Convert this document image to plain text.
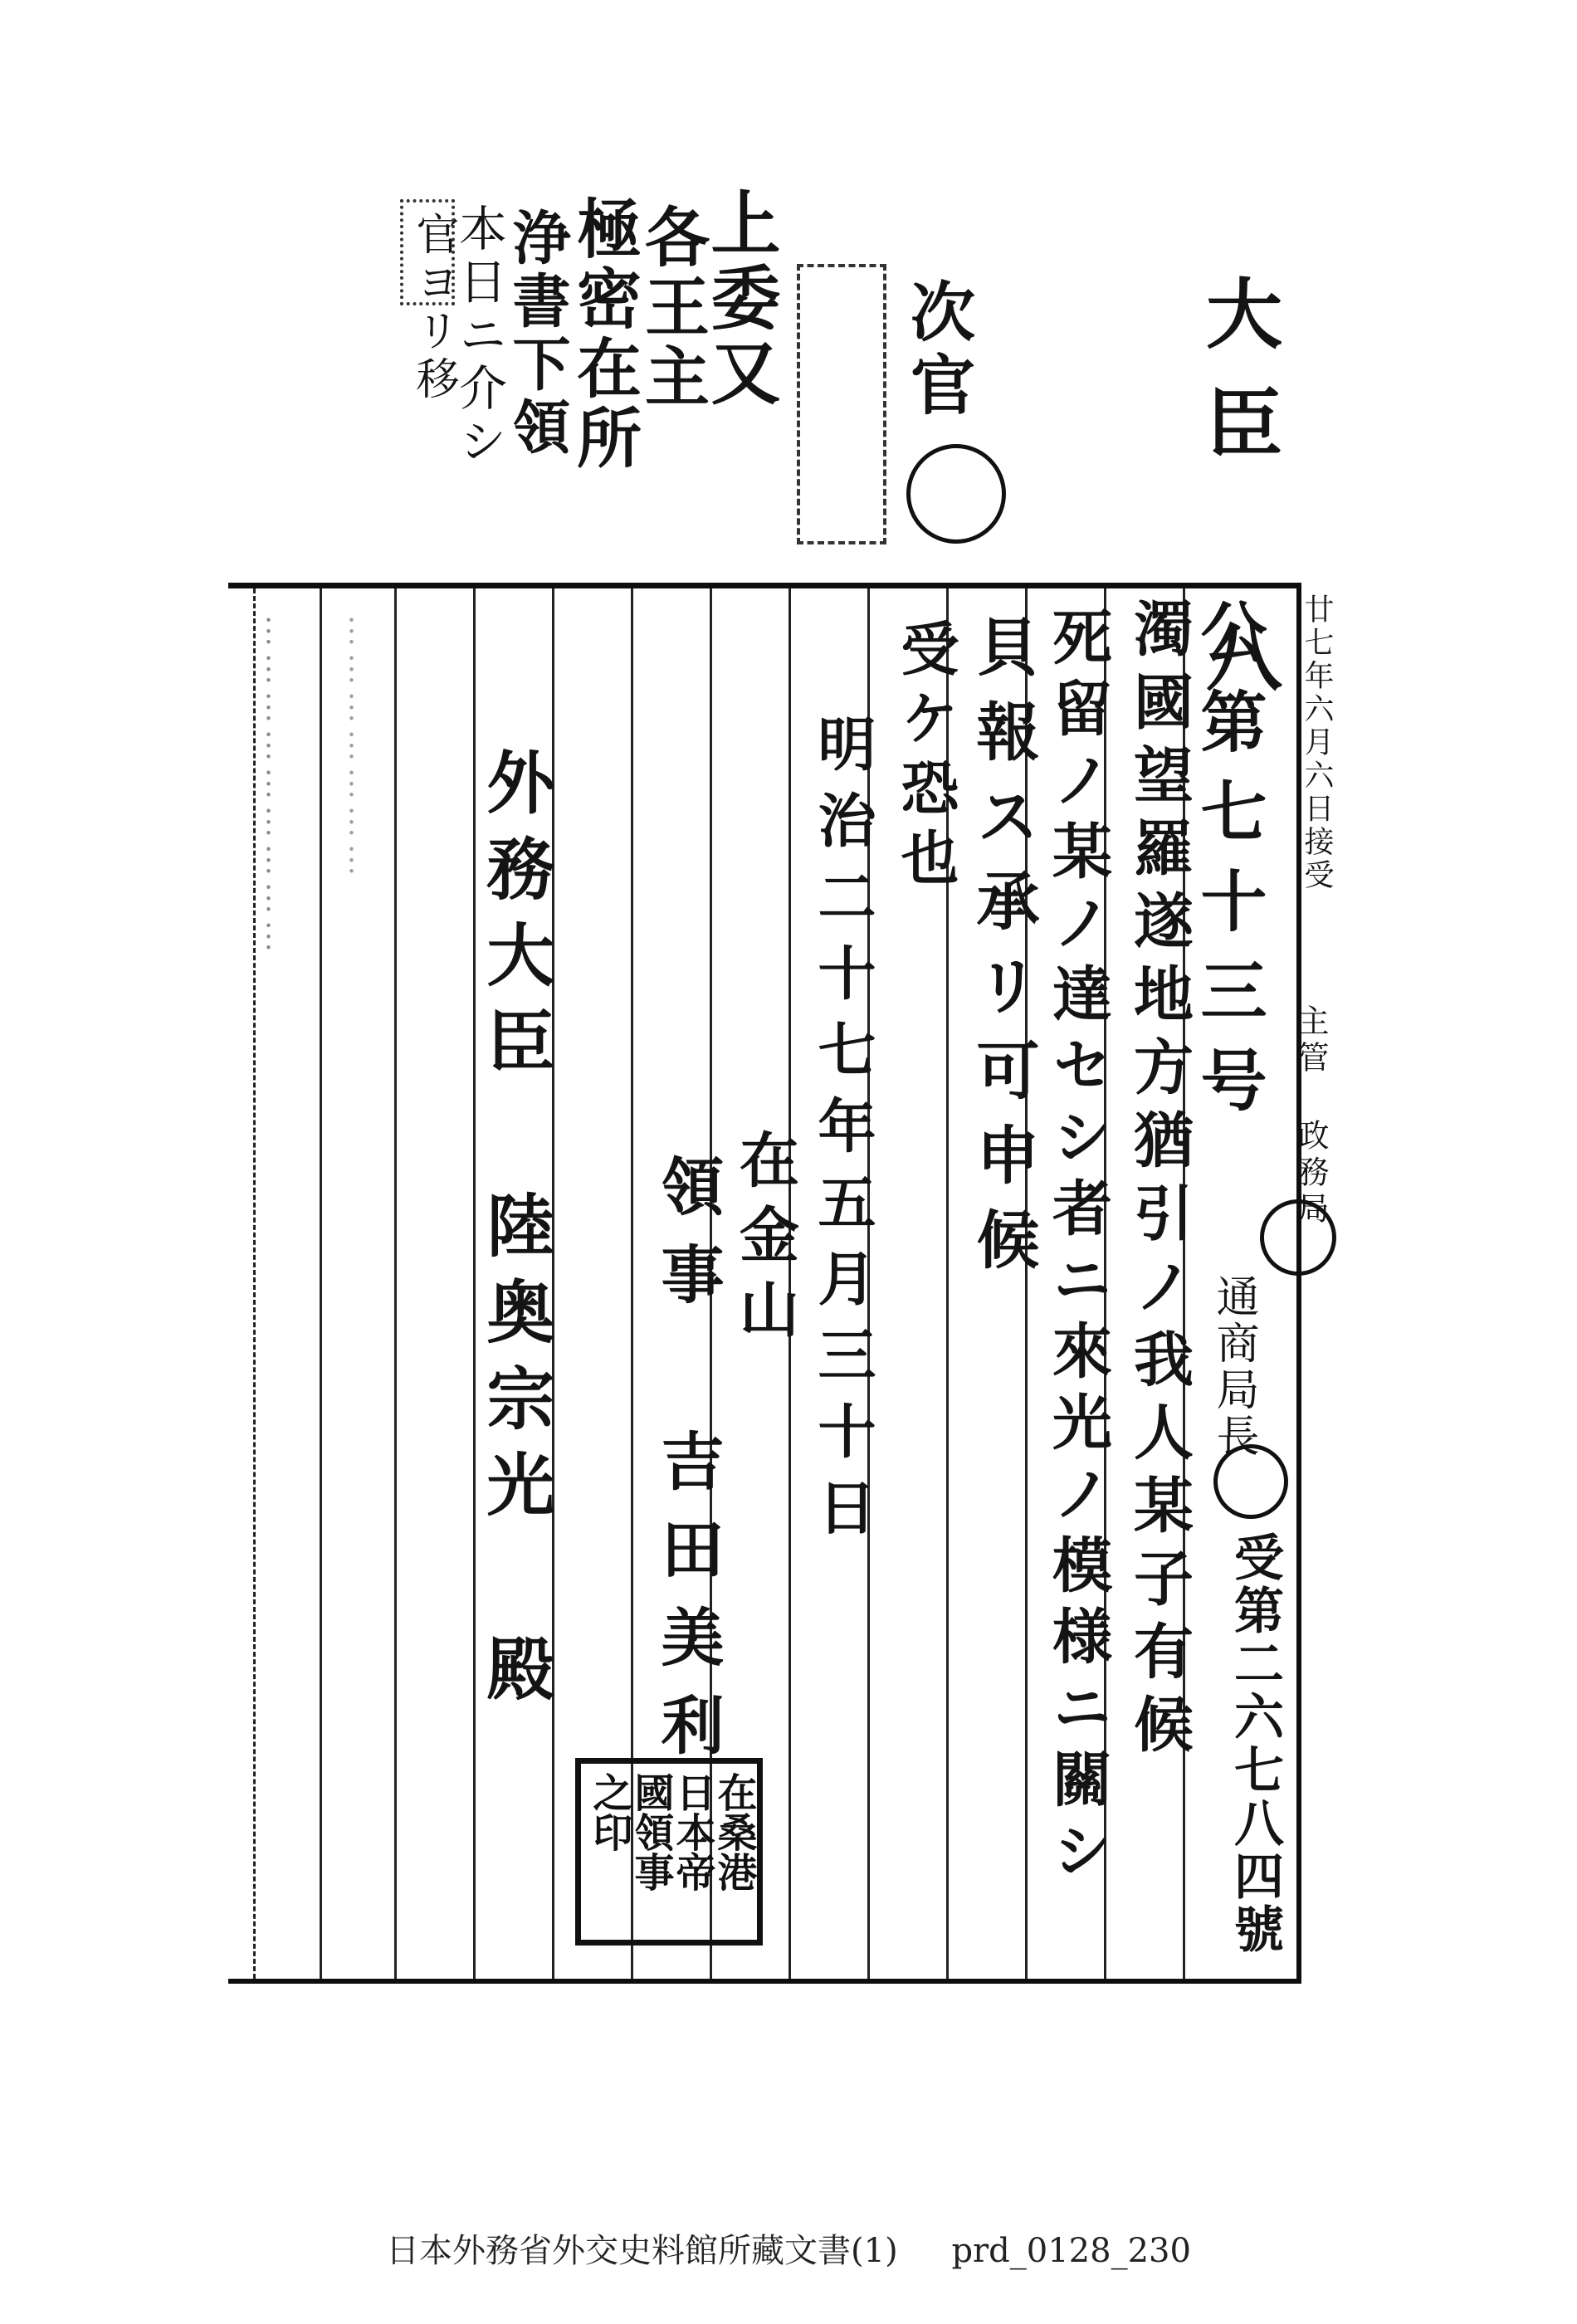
大臣 八
次官
上委又
各王主
極密在所
浄書下領
本日ニ介シ
官ヨリ移
廿七年六月六日接受
主管 政務局
通商局長
受第二六七八四號
公第七十三号
濁國望羅遂地方猶引ノ我人某子有候
死留ノ某ノ達セシ者ニ來光ノ模様ニ關シ
貝報ス承リ可申候
受ケ恐也
明治二十七年五月三十日
在金山
領事 吉田美利
外務大臣 陸奥宗光 殿
︙︙︙︙︙︙︙︙︙ ︙︙︙︙︙︙︙
在桑港
日本帝
國領事
之印
日本外務省外交史料館所藏文書(1) prd_0128_230
